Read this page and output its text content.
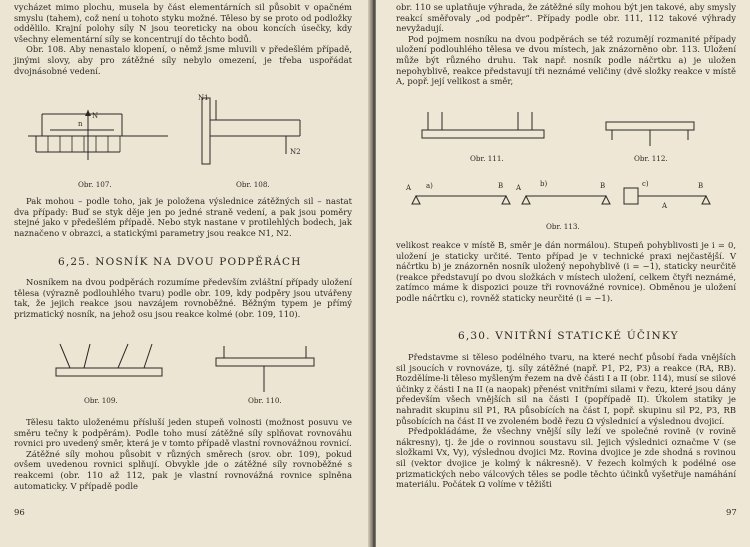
vycházet mimo plochu, musela by část elementárních sil působit v opačném smyslu (tahem), což není u tohoto styku možné. Těleso by se proto od podložky oddělilo. Krajní polohy síly N jsou teoreticky na obou koncích úsečky, kdy všechny elementární síly se koncentrují do těchto bodů.

Obr. 108. Aby nenastalo klopení, o němž jsme mluvili v předešlém případě, jinými slovy, aby pro zátěžné síly nebylo omezení, je třeba uspořádat dvojnásobné vedení.

n
N
Obr. 107.
N1
N2
Obr. 108.
Pak mohou – podle toho, jak je položena výslednice zátěžných sil – nastat dva případy: Buď se styk děje jen po jedné straně vedení, a pak jsou poměry stejné jako v předešlém případě. Nebo styk nastane v protilehlých bodech, jak naznačeno v obrazci, a statickými parametry jsou reakce N1, N2.
6,25. NOSNÍK NA DVOU PODPĚRÁCH
Nosníkem na dvou podpěrách rozumíme především zvláštní případy uložení tělesa (výrazně podlouhlého tvaru) podle obr. 109, kdy podpěry jsou utvářeny tak, že jejich reakce jsou navzájem rovnoběžné. Běžným typem je přímý prizmatický nosník, na jehož osu jsou reakce kolmé (obr. 109, 110).
Obr. 109.	Obr. 110.

Tělesu takto uloženému přísluší jeden stupeň volnosti (možnost posuvu ve směru tečny k podpěrám). Podle toho musí zátěžné síly splňovat rovnováhu rovnici pro uvedený směr, která je v tomto případě vlastní rovnovážnou rovnicí.

Zátěžné síly mohou působit v různých směrech (srov. obr. 109), pokud ovšem uvedenou rovnici splňují. Obvykle jde o zátěžné síly rovnoběžné s reakcemi (obr. 110 až 112, pak je vlastní rovnovážná rovnice splněna automaticky. V případě podle

96

obr. 110 se uplatňuje výhrada, že zátěžné síly mohou být jen takové, aby smysly reakcí směřovaly „od podpěr“. Případy podle obr. 111, 112 takové výhrady nevyžadují.

Pod pojmem nosníku na dvou podpěrách se též rozumějí rozmanité případy uložení podlouhlého tělesa ve dvou místech, jak znázorněno obr. 113. Uložení může být různého druhu. Tak např. nosník podle náčrtku a) je uložen nepohyblivě, reakce představují tři neznámé veličiny (dvě složky reakce v místě A, popř. její velikost a směr,

Obr. 111.	Obr. 112.
A a)	B A	b)	B	c)
A
B
Obr. 113.
velikost reakce v místě B, směr je dán normálou). Stupeň pohyblivosti je i = 0, uložení je staticky určité. Tento případ je v technické praxi nejčastější. V náčrtku b) je znázorněn nosník uložený nepohyblivě (i = −1), staticky neurčitě (reakce představují po dvou složkách v místech uložení, celkem čtyři neznámé, zatímco máme k dispozici pouze tři rovnovážné rovnice). Obměnou je uložení podle náčrtku c), rovněž staticky neurčité (i = −1).
6,30. VNITŘNÍ STATICKÉ ÚČINKY

Představme si těleso podélného tvaru, na které nechť působí řada vnějších sil jsoucích v rovnováze, tj. síly zátěžné (např. P1, P2, P3) a reakce (RA, RB). Rozdělíme-li těleso myšleným řezem na dvě části I a II (obr. 114), musí se silové účinky z části I na II (a naopak) přenést vnitřními silami v řezu, které jsou dány především všech vnějších sil na části I (popřípadě II). Úkolem statiky je nahradit skupinu sil P1, RA působících na část I, popř. skupinu sil P2, P3, RB působících na část II ve zvoleném bodě řezu Ω výslednicí a výslednou dvojicí.

Předpokládáme, že všechny vnější síly leží ve společné rovině (v rovině nákresny), tj. že jde o rovinnou soustavu sil. Jejich výslednici označme V (se složkami Vx, Vy), výslednou dvojici Mz. Rovina dvojice je zde shodná s rovinou sil (vektor dvojice je kolmý k nákresně). V řezech kolmých k podélné ose prizmatických nebo válcových těles se podle těchto účinků vyšetřuje namáhání materiálu. Počátek Ω volíme v těžišti

97
